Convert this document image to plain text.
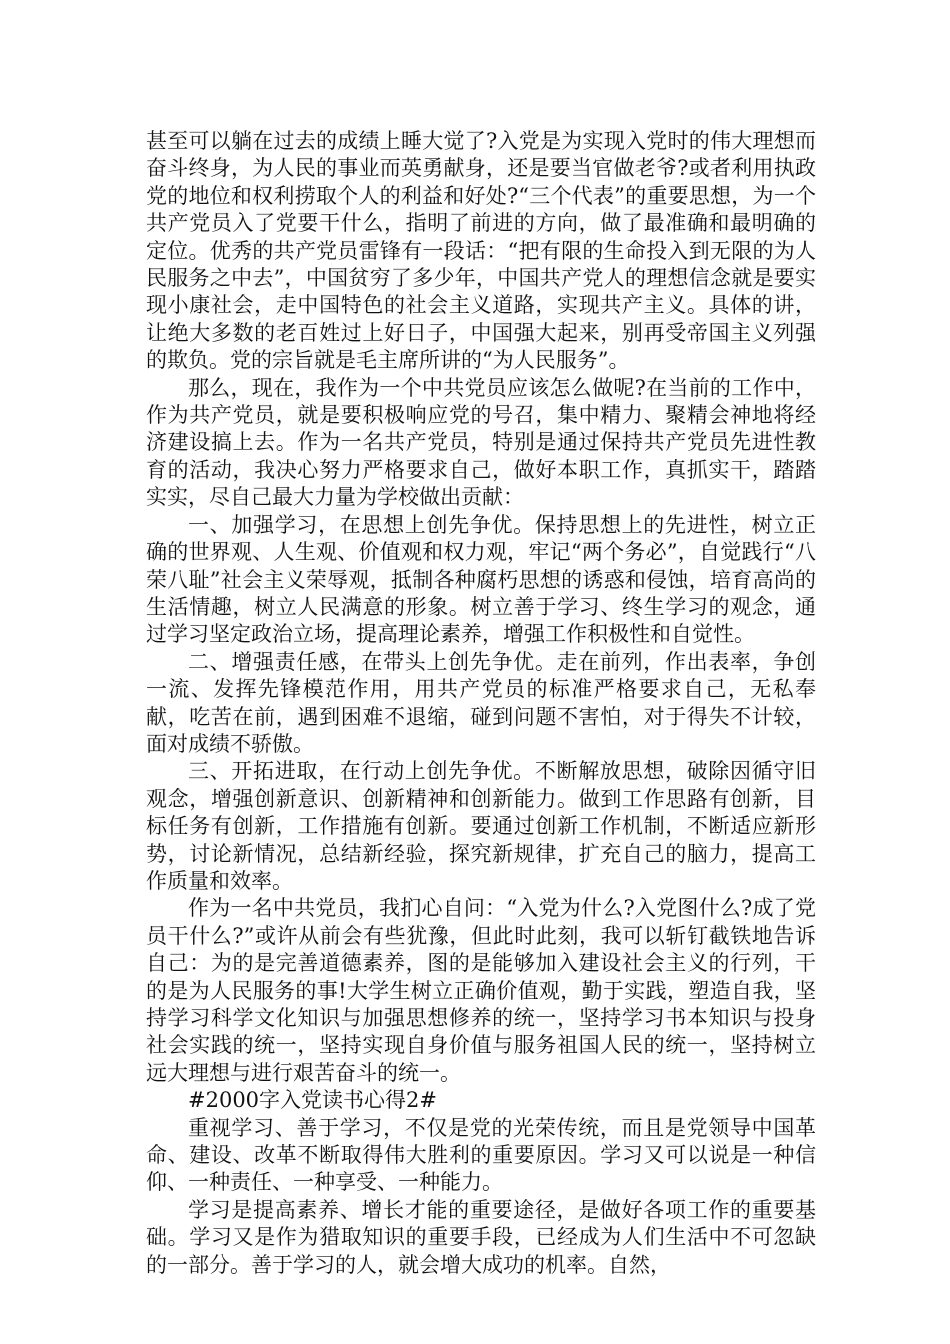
甚至可以躺在过去的成绩上睡大觉了?入党是为实现入党时的伟大理想而奋斗终身，为人民的事业而英勇献身，还是要当官做老爷?或者利用执政党的地位和权利捞取个人的利益和好处?“三个代表”的重要思想，为一个共产党员入了党要干什么，指明了前进的方向，做了最准确和最明确的定位。优秀的共产党员雷锋有一段话：“把有限的生命投入到无限的为人民服务之中去”，中国贫穷了多少年，中国共产党人的理想信念就是要实现小康社会，走中国特色的社会主义道路，实现共产主义。具体的讲，让绝大多数的老百姓过上好日子，中国强大起来，别再受帝国主义列强的欺负。党的宗旨就是毛主席所讲的“为人民服务”。

那么，现在，我作为一个中共党员应该怎么做呢?在当前的工作中，作为共产党员，就是要积极响应党的号召，集中精力、聚精会神地将经济建设搞上去。作为一名共产党员，特别是通过保持共产党员先进性教育的活动，我决心努力严格要求自己，做好本职工作，真抓实干，踏踏实实，尽自己最大力量为学校做出贡献：

一、加强学习，在思想上创先争优。保持思想上的先进性，树立正确的世界观、人生观、价值观和权力观，牢记“两个务必”，自觉践行“八荣八耻”社会主义荣辱观，抵制各种腐朽思想的诱惑和侵蚀，培育高尚的生活情趣，树立人民满意的形象。树立善于学习、终生学习的观念，通过学习坚定政治立场，提高理论素养，增强工作积极性和自觉性。

二、增强责任感，在带头上创先争优。走在前列，作出表率，争创一流、发挥先锋模范作用，用共产党员的标准严格要求自己，无私奉献，吃苦在前，遇到困难不退缩，碰到问题不害怕，对于得失不计较，面对成绩不骄傲。

三、开拓进取，在行动上创先争优。不断解放思想，破除因循守旧观念，增强创新意识、创新精神和创新能力。做到工作思路有创新，目标任务有创新，工作措施有创新。要通过创新工作机制，不断适应新形势，讨论新情况，总结新经验，探究新规律，扩充自己的脑力，提高工作质量和效率。

作为一名中共党员，我扪心自问：“入党为什么?入党图什么?成了党员干什么?”或许从前会有些犹豫，但此时此刻，我可以斩钉截铁地告诉自己：为的是完善道德素养，图的是能够加入建设社会主义的行列，干的是为人民服务的事!大学生树立正确价值观，勤于实践，塑造自我，坚持学习科学文化知识与加强思想修养的统一，坚持学习书本知识与投身社会实践的统一，坚持实现自身价值与服务祖国人民的统一，坚持树立远大理想与进行艰苦奋斗的统一。

#2000字入党读书心得2#

重视学习、善于学习，不仅是党的光荣传统，而且是党领导中国革命、建设、改革不断取得伟大胜利的重要原因。学习又可以说是一种信仰、一种责任、一种享受、一种能力。

学习是提高素养、增长才能的重要途径，是做好各项工作的重要基础。学习又是作为猎取知识的重要手段，已经成为人们生活中不可忽缺的一部分。善于学习的人，就会增大成功的机率。自然，
